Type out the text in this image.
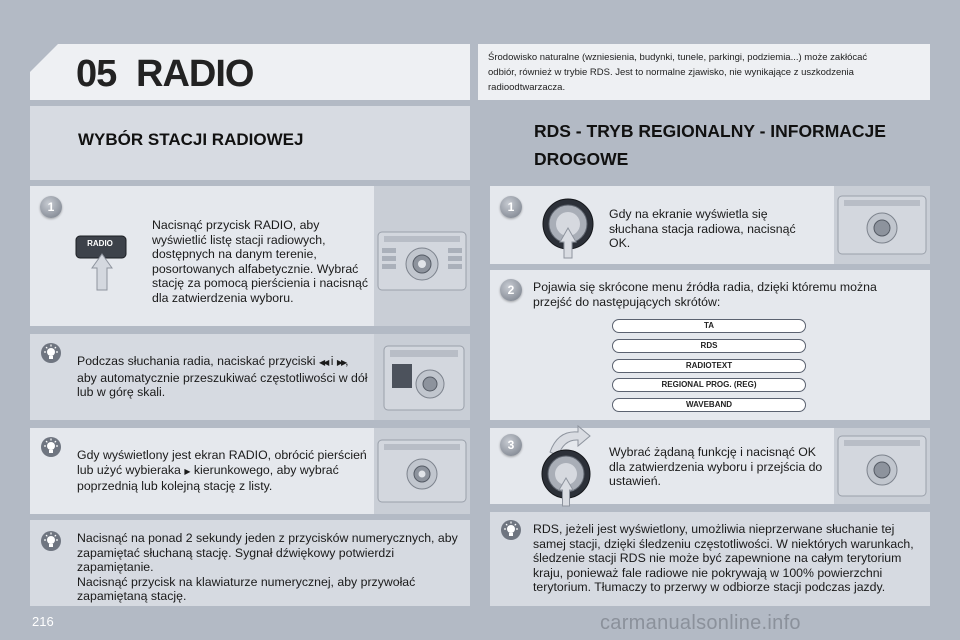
05 RADIO	Środowisko naturalne (wzniesienia, budynki, tunele, parkingi, podziemia...) może zakłócać odbiór, również w trybie RDS. Jest to normalne zjawisko, nie wynikające z uszkodzenia radioodtwarzacza.
WYBÓR STACJI RADIOWEJ	RDS - TRYB REGIONALNY - INFORMACJE DROGOWE
1
RADIO
Nacisnąć przycisk RADIO, aby wyświetlić listę stacji radiowych, dostępnych na danym terenie, posortowanych alfabetycznie. Wybrać stację za pomocą pierścienia i nacisnąć dla zatwierdzenia wyboru.
Podczas słuchania radia, naciskać przyciski ◀◀ i ▶▶, aby automatycznie przeszukiwać częstotliwości w dół lub w górę skali.
Gdy wyświetlony jest ekran RADIO, obrócić pierścień lub użyć wybieraka ▶ kierunkowego, aby wybrać poprzednią lub kolejną stację z listy.
Nacisnąć na ponad 2 sekundy jeden z przycisków numerycznych, aby zapamiętać słuchaną stację. Sygnał dźwiękowy potwierdzi zapamiętanie.
Nacisnąć przycisk na klawiaturze numerycznej, aby przywołać zapamiętaną stację.
1	Gdy na ekranie wyświetla się słuchana stacja radiowa, nacisnąć OK.
2	Pojawia się skrócone menu źródła radia, dzięki któremu można przejść do następujących skrótów:
TA
RDS
RADIOTEXT
REGIONAL PROG. (REG)
WAVEBAND
3	Wybrać żądaną funkcję i nacisnąć OK dla zatwierdzenia wyboru i przejścia do ustawień.
RDS, jeżeli jest wyświetlony, umożliwia nieprzerwane słuchanie tej samej stacji, dzięki śledzeniu częstotliwości. W niektórych warunkach, śledzenie stacji RDS nie może być zapewnione na całym terytorium kraju, ponieważ fale radiowe nie pokrywają w 100% powierzchni terytorium. Tłumaczy to przerwy w odbiorze stacji podczas jazdy.
216	carmanualsonline.info
